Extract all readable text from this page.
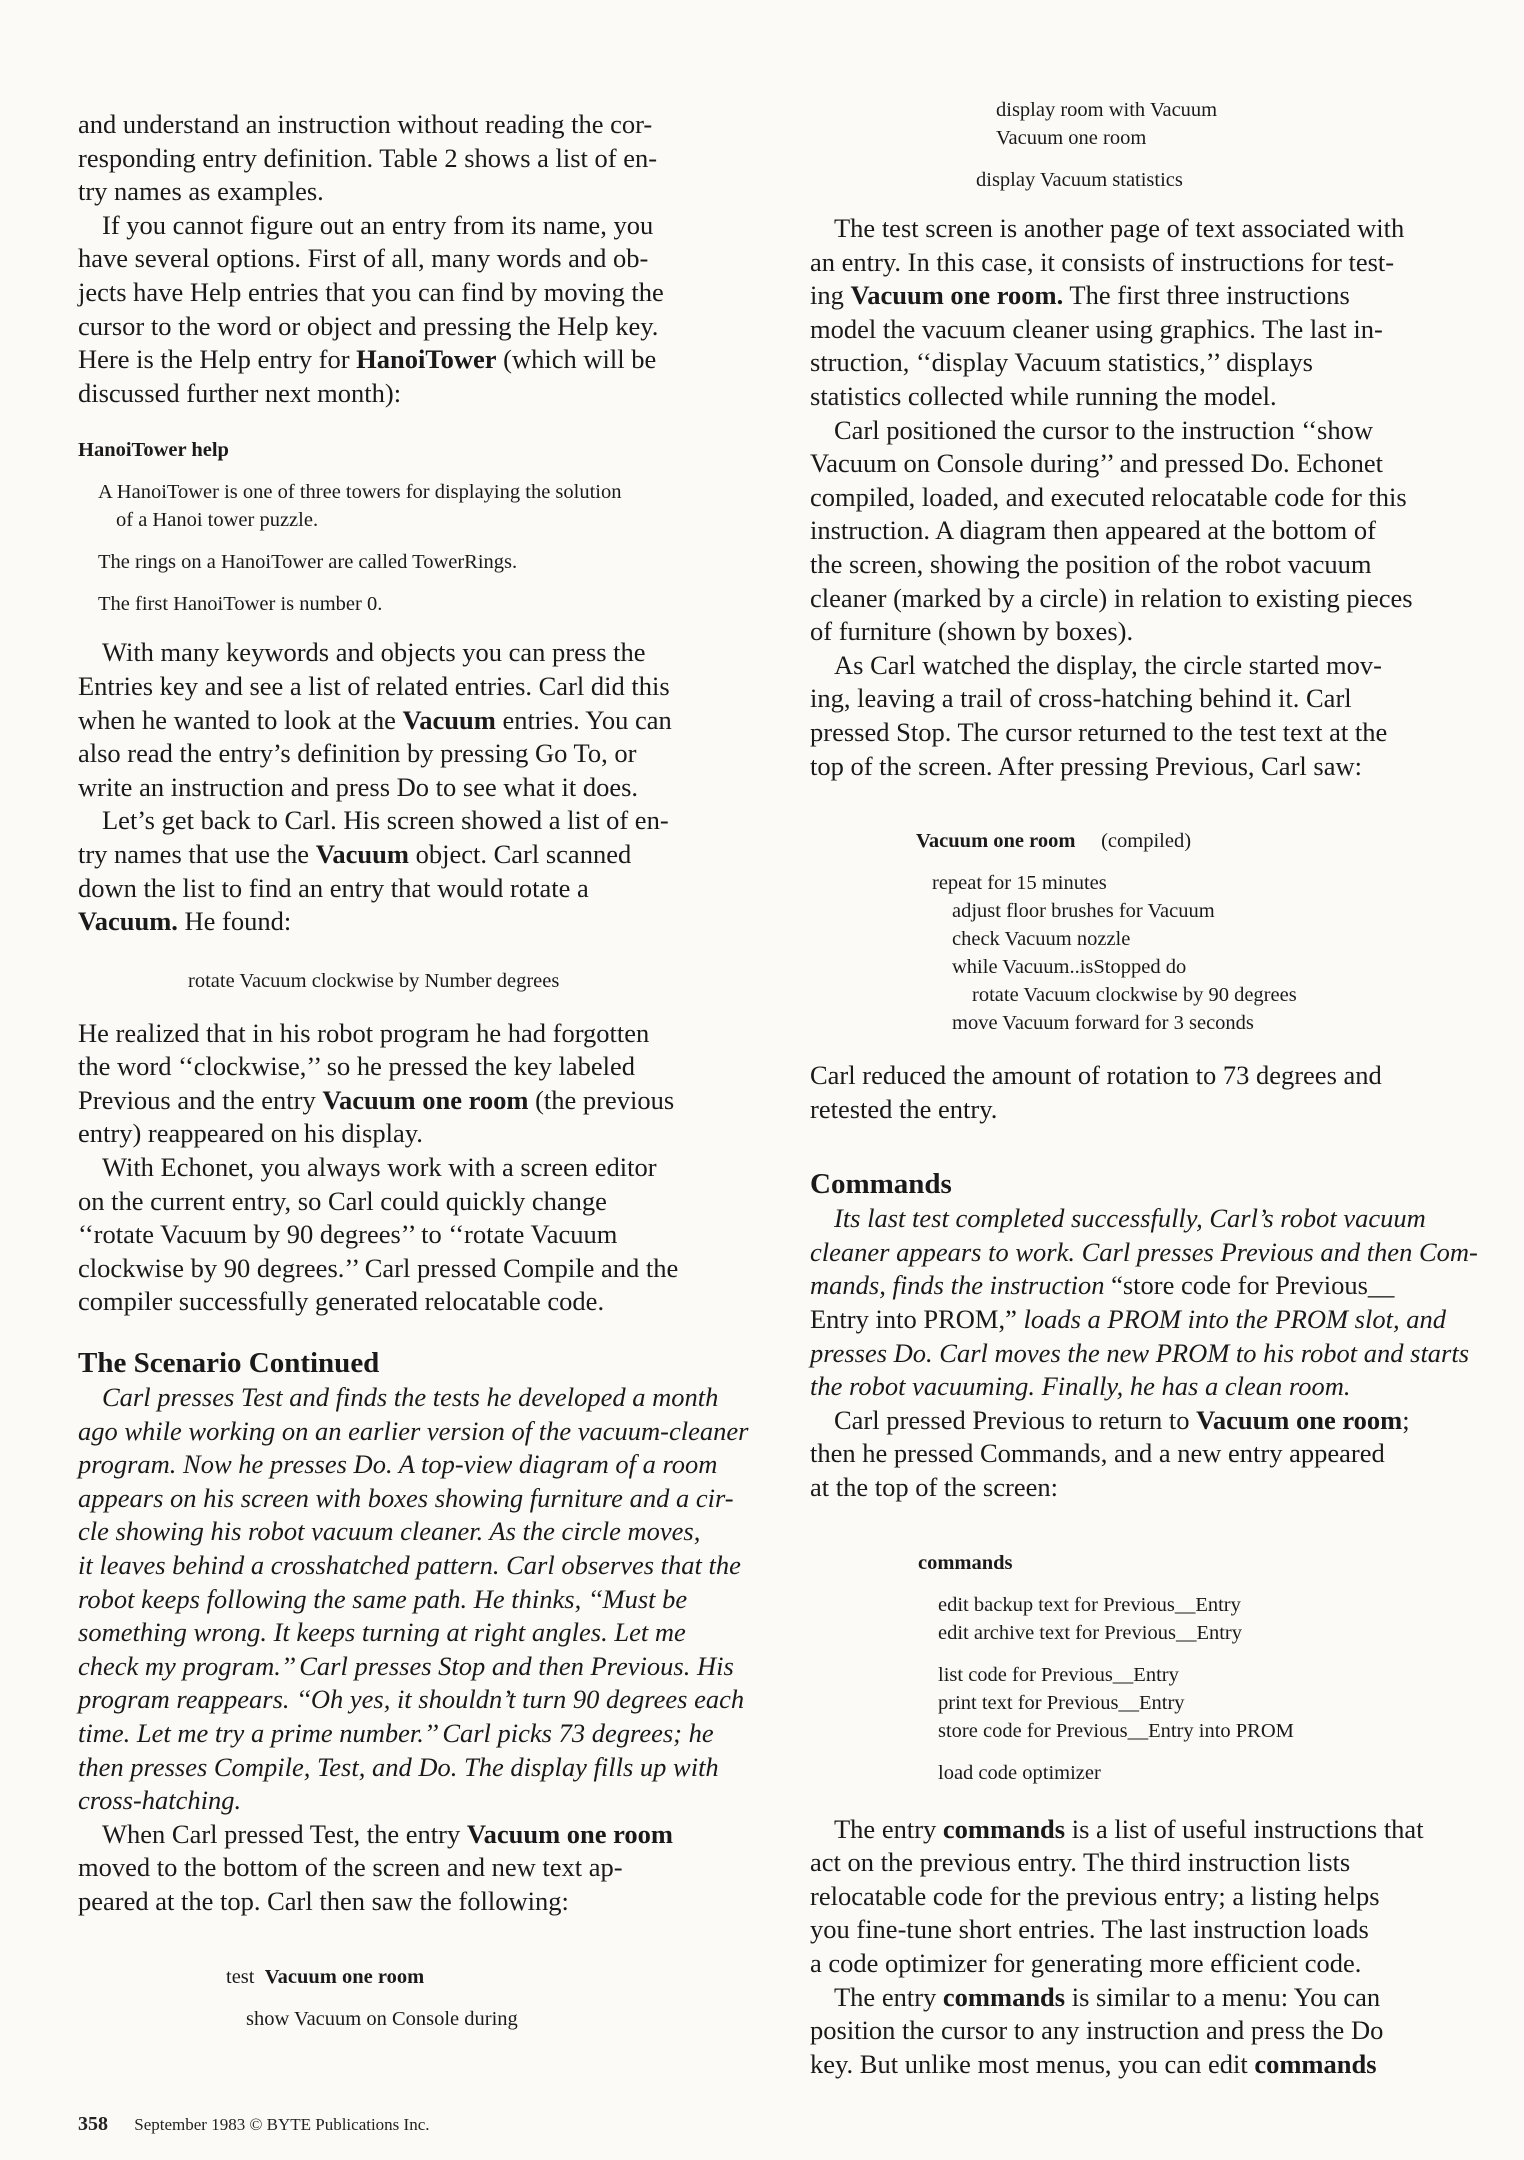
and understand an instruction without reading the cor-
responding entry definition. Table 2 shows a list of en-
try names as examples.

If you cannot figure out an entry from its name, you
have several options. First of all, many words and ob-
jects have Help entries that you can find by moving the
cursor to the word or object and pressing the Help key.
Here is the Help entry for HanoiTower (which will be
discussed further next month):

HanoiTower help
A HanoiTower is one of three towers for displaying the solution
of a Hanoi tower puzzle.
The rings on a HanoiTower are called TowerRings.
The first HanoiTower is number 0.

With many keywords and objects you can press the
Entries key and see a list of related entries. Carl did this
when he wanted to look at the Vacuum entries. You can
also read the entry’s definition by pressing Go To, or
write an instruction and press Do to see what it does.

Let’s get back to Carl. His screen showed a list of en-
try names that use the Vacuum object. Carl scanned
down the list to find an entry that would rotate a
Vacuum. He found:

rotate Vacuum clockwise by Number degrees

He realized that in his robot program he had forgotten
the word ‘‘clockwise,’’ so he pressed the key labeled
Previous and the entry Vacuum one room (the previous
entry) reappeared on his display.

With Echonet, you always work with a screen editor
on the current entry, so Carl could quickly change
‘‘rotate Vacuum by 90 degrees’’ to ‘‘rotate Vacuum
clockwise by 90 degrees.’’ Carl pressed Compile and the
compiler successfully generated relocatable code.

The Scenario Continued

Carl presses Test and finds the tests he developed a month
ago while working on an earlier version of the vacuum-cleaner
program. Now he presses Do. A top-view diagram of a room
appears on his screen with boxes showing furniture and a cir-
cle showing his robot vacuum cleaner. As the circle moves,
it leaves behind a crosshatched pattern. Carl observes that the
robot keeps following the same path. He thinks, ‘‘Must be
something wrong. It keeps turning at right angles. Let me
check my program.’’ Carl presses Stop and then Previous. His
program reappears. ‘‘Oh yes, it shouldn’t turn 90 degrees each
time. Let me try a prime number.’’ Carl picks 73 degrees; he
then presses Compile, Test, and Do. The display fills up with
cross-hatching.

When Carl pressed Test, the entry Vacuum one room
moved to the bottom of the screen and new text ap-
peared at the top. Carl then saw the following:

test Vacuum one room
show Vacuum on Console during
display room with Vacuum
Vacuum one room
display Vacuum statistics

The test screen is another page of text associated with
an entry. In this case, it consists of instructions for test-
ing Vacuum one room. The first three instructions
model the vacuum cleaner using graphics. The last in-
struction, ‘‘display Vacuum statistics,’’ displays
statistics collected while running the model.

Carl positioned the cursor to the instruction ‘‘show
Vacuum on Console during’’ and pressed Do. Echonet
compiled, loaded, and executed relocatable code for this
instruction. A diagram then appeared at the bottom of
the screen, showing the position of the robot vacuum
cleaner (marked by a circle) in relation to existing pieces
of furniture (shown by boxes).

As Carl watched the display, the circle started mov-
ing, leaving a trail of cross-hatching behind it. Carl
pressed Stop. The cursor returned to the test text at the
top of the screen. After pressing Previous, Carl saw:

Vacuum one room (compiled)
repeat for 15 minutes
adjust floor brushes for Vacuum
check Vacuum nozzle
while Vacuum..isStopped do
rotate Vacuum clockwise by 90 degrees
move Vacuum forward for 3 seconds

Carl reduced the amount of rotation to 73 degrees and
retested the entry.

Commands

Its last test completed successfully, Carl’s robot vacuum
cleaner appears to work. Carl presses Previous and then Com-
mands, finds the instruction “store code for Previous__
Entry into PROM,” loads a PROM into the PROM slot, and
presses Do. Carl moves the new PROM to his robot and starts
the robot vacuuming. Finally, he has a clean room.

Carl pressed Previous to return to Vacuum one room;
then he pressed Commands, and a new entry appeared
at the top of the screen:

commands
edit backup text for Previous__Entry
edit archive text for Previous__Entry
list code for Previous__Entry
print text for Previous__Entry
store code for Previous__Entry into PROM
load code optimizer

The entry commands is a list of useful instructions that
act on the previous entry. The third instruction lists
relocatable code for the previous entry; a listing helps
you fine-tune short entries. The last instruction loads
a code optimizer for generating more efficient code.

The entry commands is similar to a menu: You can
position the cursor to any instruction and press the Do
key. But unlike most menus, you can edit commands

358 September 1983 © BYTE Publications Inc.
